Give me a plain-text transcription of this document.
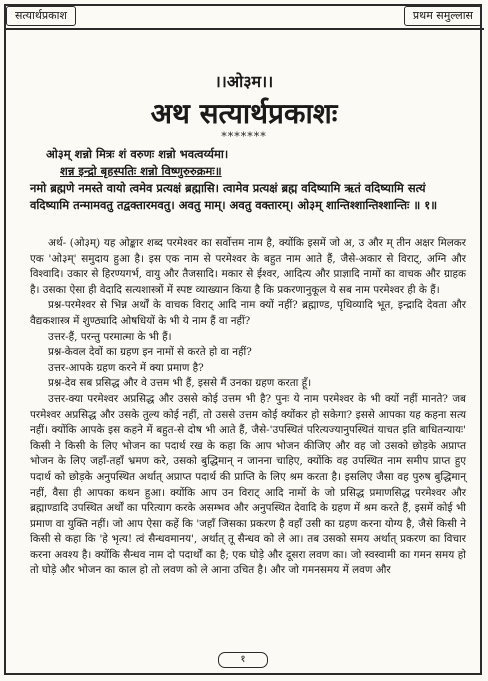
सत्यार्थप्रकाश	प्रथम समुल्लास
।।ओ३म।।
अथ सत्यार्थप्रकाशः
*******

ओ३म् शन्नो मित्रः शं वरुणः शन्नो भवत्वर्य्यमा।

शन्न इन्द्रो बृहस्पतिः शन्नो विष्णुरुरुक्रमः॥

नमो ब्रह्मणे नमस्ते वायो त्वमेव प्रत्यक्षं ब्रह्मासि। त्वामेव प्रत्यक्षं ब्रह्म वदिष्यामि ऋतं वदिष्यामि सत्यं वदिष्यामि तन्मामवतु तद्वक्तारमवतु। अवतु माम्। अवतु वक्तारम्। ओ३म् शान्तिश्शान्तिश्शान्तिः ॥ १॥

अर्थ- (ओ३म्) यह ओङ्कार शब्द परमेश्वर का सर्वोत्तम नाम है, क्योंकि इसमें जो अ, उ और म् तीन अक्षर मिलकर एक 'ओ३म्' समुदाय हुआ है। इस एक नाम से परमेश्वर के बहुत नाम आते हैं, जैसे-अकार से विराट्, अग्नि और विश्वादि। उकार से हिरण्यगर्भ, वायु और तैजसादि। मकार से ईश्वर, आदित्य और प्राज्ञादि नामों का वाचक और ग्राहक है। उसका ऐसा ही वेदादि सत्यशास्त्रों में स्पष्ट व्याख्यान किया है कि प्रकरणानुकूल ये सब नाम परमेश्वर ही के हैं।

प्रश्न-परमेश्वर से भिन्न अर्थों के वाचक विराट् आदि नाम क्यों नहीं? ब्रह्माण्ड, पृथिव्यादि भूत, इन्द्रादि देवता और वैद्यकशास्त्र में शुण्ठ्यादि ओषधियों के भी ये नाम हैं वा नहीं?

उत्तर-हैं, परन्तु परमात्मा के भी हैं।

प्रश्न-केवल देवों का ग्रहण इन नामों से करते हो वा नहीं?

उत्तर-आपके ग्रहण करने में क्या प्रमाण है?

प्रश्न-देव सब प्रसिद्ध और वे उत्तम भी हैं, इससे मैं उनका ग्रहण करता हूँ।

उत्तर-क्या परमेश्वर अप्रसिद्ध और उससे कोई उत्तम भी है? पुनः ये नाम परमेश्वर के भी क्यों नहीं मानते? जब परमेश्वर अप्रसिद्ध और उसके तुल्य कोई नहीं, तो उससे उत्तम कोई क्योंकर हो सकेगा? इससे आपका यह कहना सत्य नहीं। क्योंकि आपके इस कहने में बहुत-से दोष भी आते हैं, जैसे-'उपस्थितं परित्यज्यानुपस्थितं याचत इति बाधितन्यायः' किसी ने किसी के लिए भोजन का पदार्थ रख के कहा कि आप भोजन कीजिए और वह जो उसको छोड़के अप्राप्त भोजन के लिए जहाँ-तहाँ भ्रमण करे, उसको बुद्धिमान् न जानना चाहिए, क्योंकि वह उपस्थित नाम समीप प्राप्त हुए पदार्थ को छोड़के अनुपस्थित अर्थात् अप्राप्त पदार्थ की प्राप्ति के लिए श्रम करता है। इसलिए जैसा वह पुरुष बुद्धिमान् नहीं, वैसा ही आपका कथन हुआ। क्योंकि आप उन विराट् आदि नामों के जो प्रसिद्ध प्रमाणसिद्ध परमेश्वर और ब्रह्माण्डादि उपस्थित अर्थों का परित्याग करके असम्भव और अनुपस्थित देवादि के ग्रहण में श्रम करते हैं, इसमें कोई भी प्रमाण वा युक्ति नहीं। जो आप ऐसा कहें कि 'जहाँ जिसका प्रकरण है वहाँ उसी का ग्रहण करना योग्य है, जैसे किसी ने किसी से कहा कि 'हे भृत्य! त्वं सैन्धवमानय', अर्थात् तू सैन्धव को ले आ। तब उसको समय अर्थात् प्रकरण का विचार करना अवश्य है। क्योंकि सैन्धव नाम दो पदार्थों का है; एक घोड़े और दूसरा लवण का। जो स्वस्वामी का गमन समय हो तो घोड़े और भोजन का काल हो तो लवण को ले आना उचित है। और जो गमनसमय में लवण और

१
